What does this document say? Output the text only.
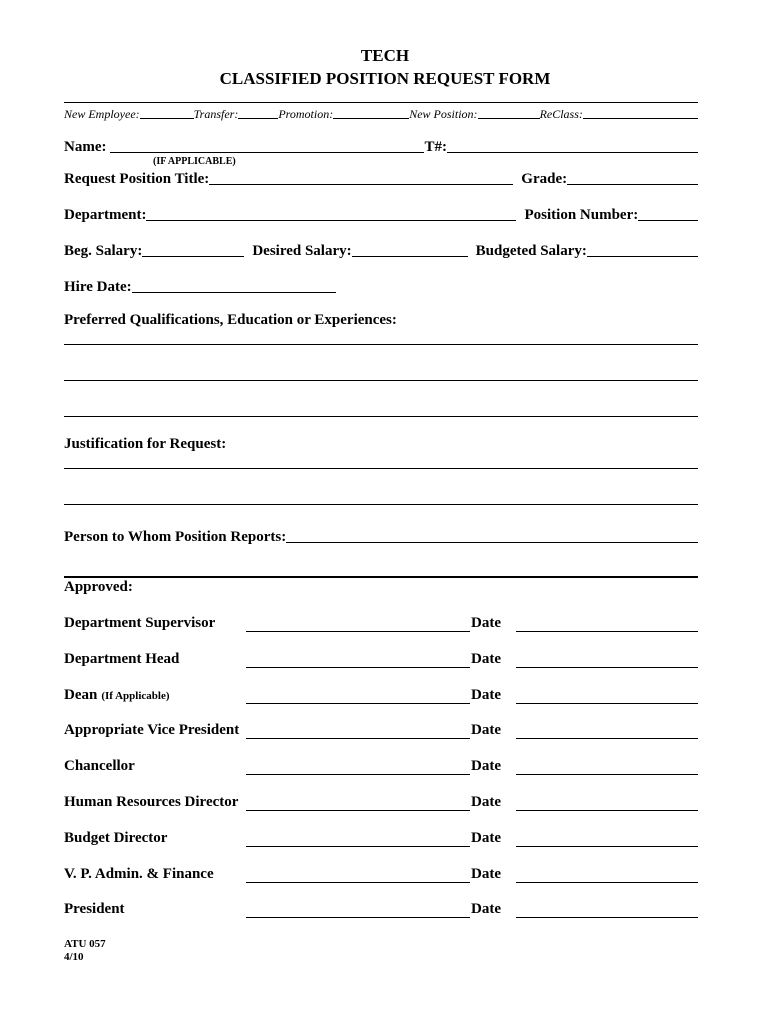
TECH
CLASSIFIED POSITION REQUEST FORM
New Employee:	Transfer:	Promotion:	New Position:	ReClass:
Name:	T#:
(IF APPLICABLE)
Request Position Title:	Grade:
Department:	Position Number:
Beg. Salary:	Desired Salary:	Budgeted Salary:
Hire Date:
Preferred Qualifications, Education or Experiences:
Justification for Request:
Person to Whom Position Reports:
Approved:
Department Supervisor	Date
Department Head	Date
Dean (If Applicable)	Date
Appropriate Vice President	Date
Chancellor	Date
Human Resources Director	Date
Budget Director	Date
V. P. Admin. & Finance	Date
President	Date
ATU 057
4/10
